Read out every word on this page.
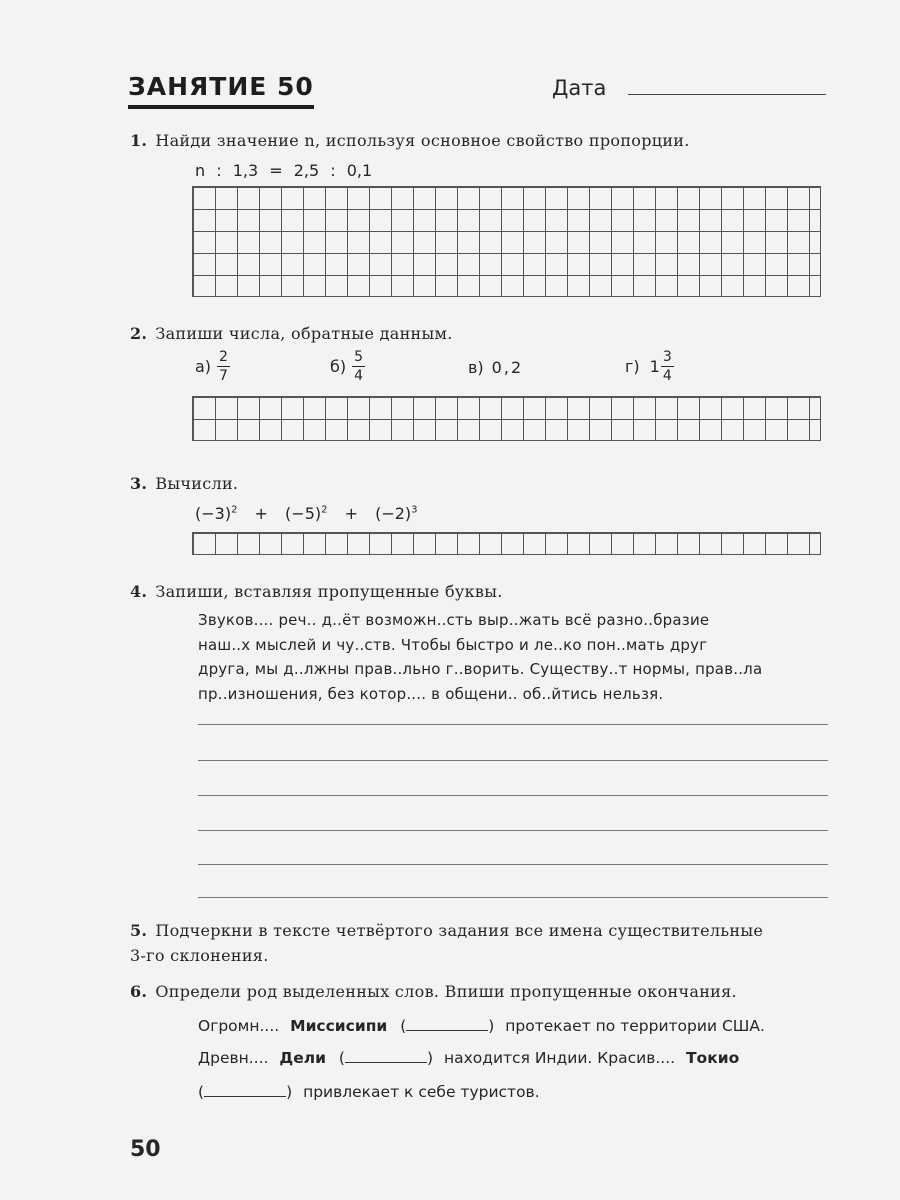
ЗАНЯТИЕ 50	Дата
1. Найди значение n, используя основное свойство пропорции.
n : 1,3 = 2,5 : 0,1
2. Запиши числа, обратные данным.
$а) \frac{2}{7}$	$б) \frac{5}{4}$	в) 0,2	г) $1 \frac{3}{4}$
3. Вычисли.
$(-3)^2 + (-5)^2 + (-2)^3$
4. Запиши, вставляя пропущенные буквы.

Звуков.... реч.. д..ёт возможн..сть выр..жать всё разно..бразие

наш..х мыслей и чу..ств. Чтобы быстро и ле..ко пон..мать друг

друга, мы д..лжны прав..льно г..ворить. Существу..т нормы, прав..ла

пр..изношения, без котор.... в общени.. об..йтись нельзя.

5. Подчеркни в тексте четвёртого задания все имена существительные
3-го склонения.
6. Определи род выделенных слов. Впиши пропущенные окончания.
Огромн.... Миссисипи (	) протекает по территории США.
Древн.... Дели (	) находится Индии. Красив.... Токио
(	) привлекает к себе туристов.
50
